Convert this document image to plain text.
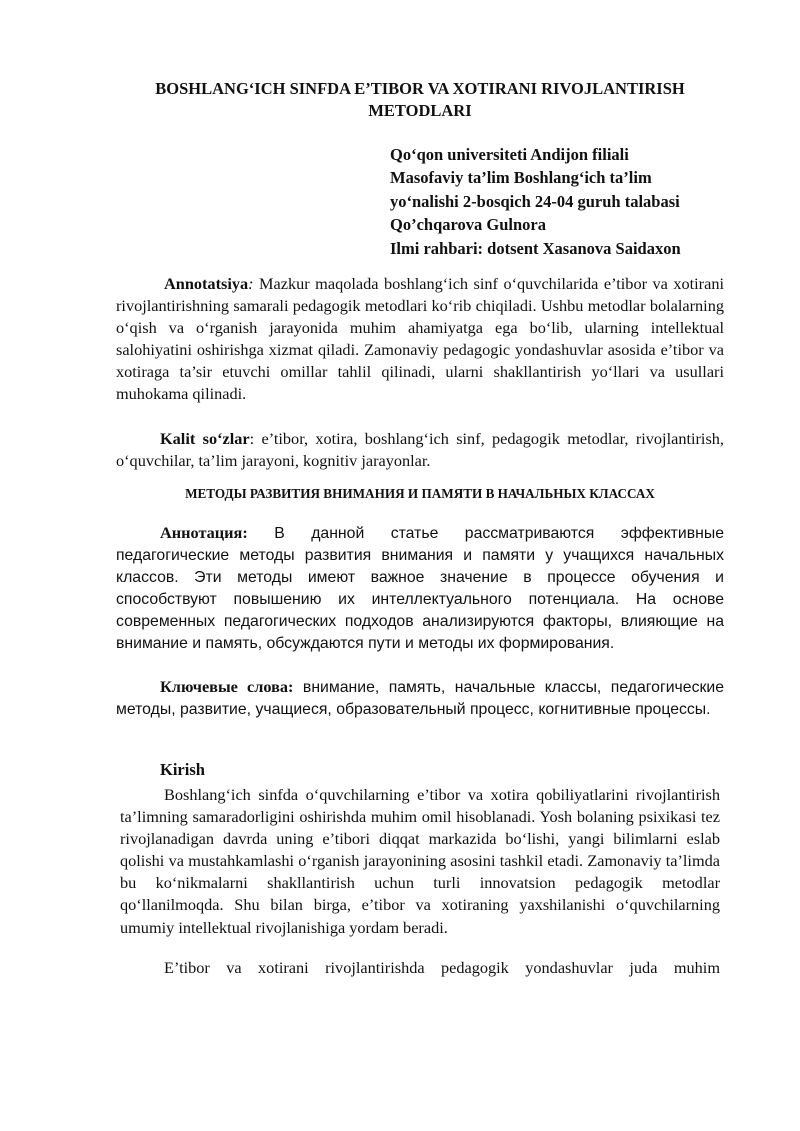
BOSHLANG‘ICH SINFDA E’TIBOR VA XOTIRANI RIVOJLANTIRISH METODLARI
Qo‘qon universiteti Andijon filiali
Masofaviy ta’lim Boshlang‘ich ta’lim
yo‘nalishi 2-bosqich 24-04 guruh talabasi
Qo’chqarova Gulnora
Ilmi rahbari: dotsent Xasanova Saidaxon

Annotatsiya: Mazkur maqolada boshlang‘ich sinf o‘quvchilarida e’tibor va xotirani rivojlantirishning samarali pedagogik metodlari ko‘rib chiqiladi. Ushbu metodlar bolalarning o‘qish va o‘rganish jarayonida muhim ahamiyatga ega bo‘lib, ularning intellektual salohiyatini oshirishga xizmat qiladi. Zamonaviy pedagogic yondashuvlar asosida e’tibor va xotiraga ta’sir etuvchi omillar tahlil qilinadi, ularni shakllantirish yo‘llari va usullari muhokama qilinadi.

Kalit so‘zlar: e’tibor, xotira, boshlang‘ich sinf, pedagogik metodlar, rivojlantirish, o‘quvchilar, ta’lim jarayoni, kognitiv jarayonlar.
МЕТОДЫ РАЗВИТИЯ ВНИМАНИЯ И ПАМЯТИ В НАЧАЛЬНЫХ КЛАССАХ
Аннотация: В данной статье рассматриваются эффективные педагогические методы развития внимания и памяти у учащихся начальных классов. Эти методы имеют важное значение в процессе обучения и способствуют повышению их интеллектуального потенциала. На основе современных педагогических подходов анализируются факторы, влияющие на внимание и память, обсуждаются пути и методы их формирования.
Ключевые слова: внимание, память, начальные классы, педагогические методы, развитие, учащиеся, образовательный процесс, когнитивные процессы.
Kirish
Boshlang‘ich sinfda o‘quvchilarning e’tibor va xotira qobiliyatlarini rivojlantirish ta’limning samaradorligini oshirishda muhim omil hisoblanadi. Yosh bolaning psixikasi tez rivojlanadigan davrda uning e’tibori diqqat markazida bo‘lishi, yangi bilimlarni eslab qolishi va mustahkamlashi o‘rganish jarayonining asosini tashkil etadi. Zamonaviy ta’limda bu ko‘nikmalarni shakllantirish uchun turli innovatsion pedagogik metodlar qo‘llanilmoqda. Shu bilan birga, e’tibor va xotiraning yaxshilanishi o‘quvchilarning umumiy intellektual rivojlanishiga yordam beradi.
E’tibor va xotirani rivojlantirishda pedagogik yondashuvlar juda muhim
